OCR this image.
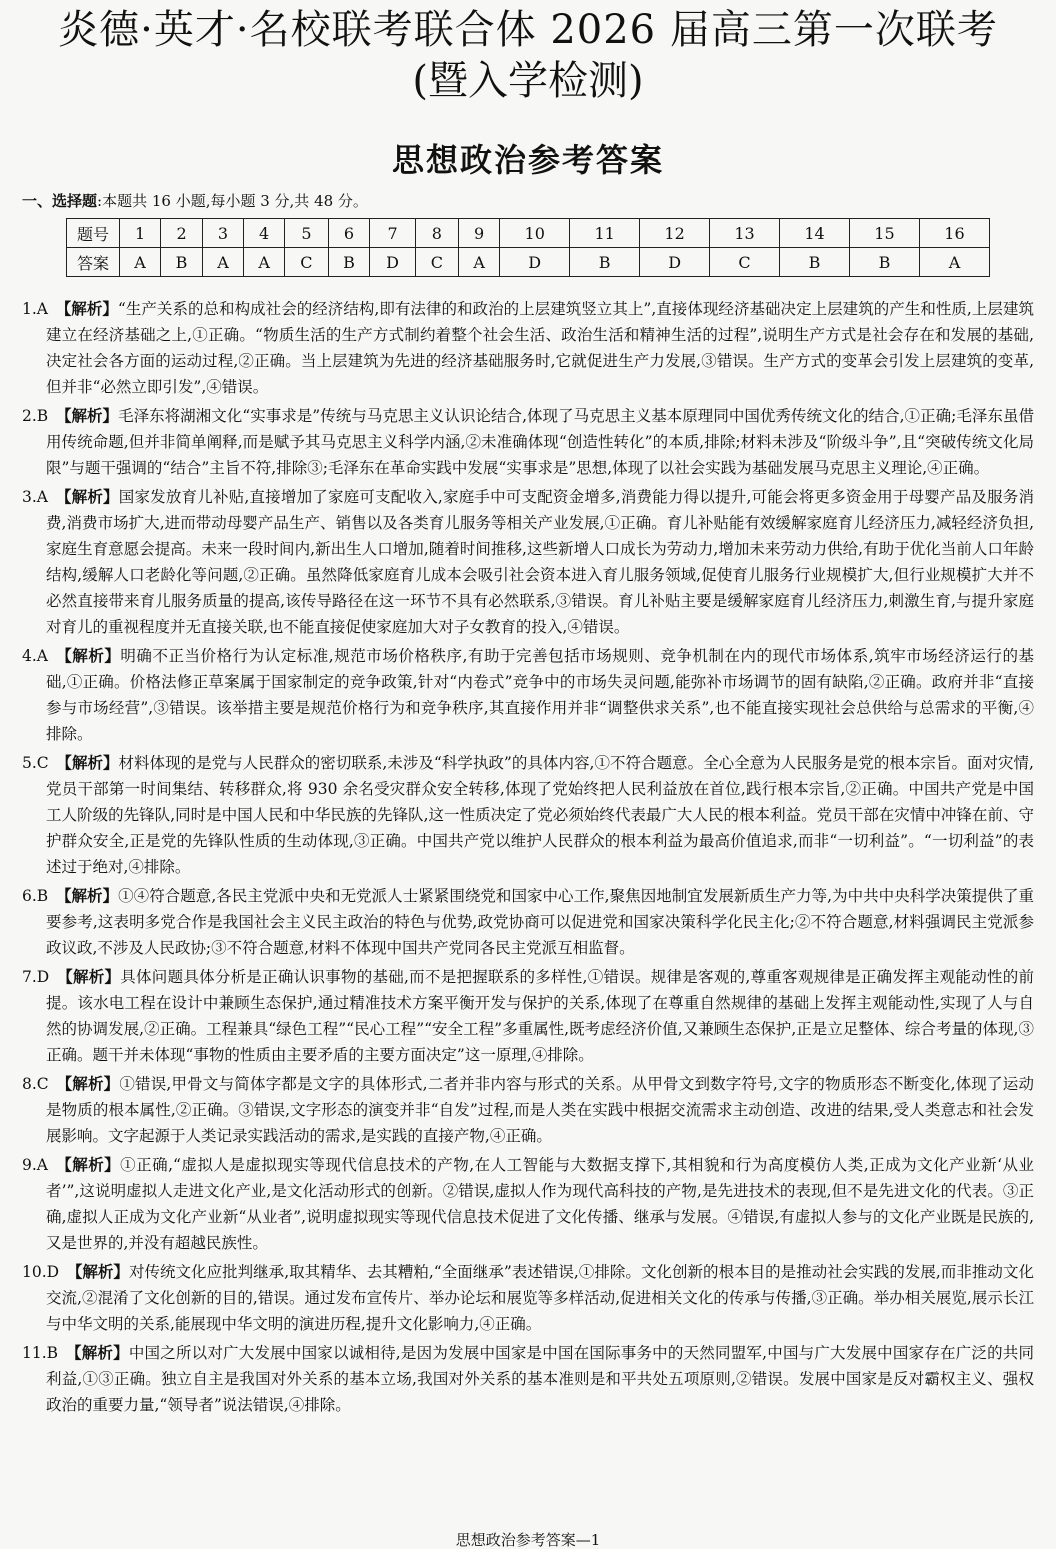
炎德·英才·名校联考联合体 2026 届高三第一次联考
(暨入学检测)
思想政治参考答案
一、选择题:本题共 16 小题,每小题 3 分,共 48 分。
题号	1	2	3	4	5	6	7	8	9	10	11	12	13	14	15	16
答案	A	B	A	A	C	B	D	C	A	D	B	D	C	B	B	A
1.A  【解析】“生产关系的总和构成社会的经济结构,即有法律的和政治的上层建筑竖立其上”,直接体现经济基础决定上层建筑的产生和性质,上层建筑建立在经济基础之上,①正确。“物质生活的生产方式制约着整个社会生活、政治生活和精神生活的过程”,说明生产方式是社会存在和发展的基础,决定社会各方面的运动过程,②正确。当上层建筑为先进的经济基础服务时,它就促进生产力发展,③错误。生产方式的变革会引发上层建筑的变革,但并非“必然立即引发”,④错误。
2.B  【解析】毛泽东将湖湘文化“实事求是”传统与马克思主义认识论结合,体现了马克思主义基本原理同中国优秀传统文化的结合,①正确;毛泽东虽借用传统命题,但并非简单阐释,而是赋予其马克思主义科学内涵,②未准确体现“创造性转化”的本质,排除;材料未涉及“阶级斗争”,且“突破传统文化局限”与题干强调的“结合”主旨不符,排除③;毛泽东在革命实践中发展“实事求是”思想,体现了以社会实践为基础发展马克思主义理论,④正确。
3.A  【解析】国家发放育儿补贴,直接增加了家庭可支配收入,家庭手中可支配资金增多,消费能力得以提升,可能会将更多资金用于母婴产品及服务消费,消费市场扩大,进而带动母婴产品生产、销售以及各类育儿服务等相关产业发展,①正确。育儿补贴能有效缓解家庭育儿经济压力,减轻经济负担,家庭生育意愿会提高。未来一段时间内,新出生人口增加,随着时间推移,这些新增人口成长为劳动力,增加未来劳动力供给,有助于优化当前人口年龄结构,缓解人口老龄化等问题,②正确。虽然降低家庭育儿成本会吸引社会资本进入育儿服务领域,促使育儿服务行业规模扩大,但行业规模扩大并不必然直接带来育儿服务质量的提高,该传导路径在这一环节不具有必然联系,③错误。育儿补贴主要是缓解家庭育儿经济压力,刺激生育,与提升家庭对育儿的重视程度并无直接关联,也不能直接促使家庭加大对子女教育的投入,④错误。
4.A  【解析】明确不正当价格行为认定标准,规范市场价格秩序,有助于完善包括市场规则、竞争机制在内的现代市场体系,筑牢市场经济运行的基础,①正确。价格法修正草案属于国家制定的竞争政策,针对“内卷式”竞争中的市场失灵问题,能弥补市场调节的固有缺陷,②正确。政府并非“直接参与市场经营”,③错误。该举措主要是规范价格行为和竞争秩序,其直接作用并非“调整供求关系”,也不能直接实现社会总供给与总需求的平衡,④排除。
5.C  【解析】材料体现的是党与人民群众的密切联系,未涉及“科学执政”的具体内容,①不符合题意。全心全意为人民服务是党的根本宗旨。面对灾情,党员干部第一时间集结、转移群众,将 930 余名受灾群众安全转移,体现了党始终把人民利益放在首位,践行根本宗旨,②正确。中国共产党是中国工人阶级的先锋队,同时是中国人民和中华民族的先锋队,这一性质决定了党必须始终代表最广大人民的根本利益。党员干部在灾情中冲锋在前、守护群众安全,正是党的先锋队性质的生动体现,③正确。中国共产党以维护人民群众的根本利益为最高价值追求,而非“一切利益”。“一切利益”的表述过于绝对,④排除。
6.B  【解析】①④符合题意,各民主党派中央和无党派人士紧紧围绕党和国家中心工作,聚焦因地制宜发展新质生产力等,为中共中央科学决策提供了重要参考,这表明多党合作是我国社会主义民主政治的特色与优势,政党协商可以促进党和国家决策科学化民主化;②不符合题意,材料强调民主党派参政议政,不涉及人民政协;③不符合题意,材料不体现中国共产党同各民主党派互相监督。
7.D  【解析】具体问题具体分析是正确认识事物的基础,而不是把握联系的多样性,①错误。规律是客观的,尊重客观规律是正确发挥主观能动性的前提。该水电工程在设计中兼顾生态保护,通过精准技术方案平衡开发与保护的关系,体现了在尊重自然规律的基础上发挥主观能动性,实现了人与自然的协调发展,②正确。工程兼具“绿色工程”“民心工程”“安全工程”多重属性,既考虑经济价值,又兼顾生态保护,正是立足整体、综合考量的体现,③正确。题干并未体现“事物的性质由主要矛盾的主要方面决定”这一原理,④排除。
8.C  【解析】①错误,甲骨文与简体字都是文字的具体形式,二者并非内容与形式的关系。从甲骨文到数字符号,文字的物质形态不断变化,体现了运动是物质的根本属性,②正确。③错误,文字形态的演变并非“自发”过程,而是人类在实践中根据交流需求主动创造、改进的结果,受人类意志和社会发展影响。文字起源于人类记录实践活动的需求,是实践的直接产物,④正确。
9.A  【解析】①正确,“虚拟人是虚拟现实等现代信息技术的产物,在人工智能与大数据支撑下,其相貌和行为高度模仿人类,正成为文化产业新‘从业者’”,这说明虚拟人走进文化产业,是文化活动形式的创新。②错误,虚拟人作为现代高科技的产物,是先进技术的表现,但不是先进文化的代表。③正确,虚拟人正成为文化产业新“从业者”,说明虚拟现实等现代信息技术促进了文化传播、继承与发展。④错误,有虚拟人参与的文化产业既是民族的,又是世界的,并没有超越民族性。
10.D  【解析】对传统文化应批判继承,取其精华、去其糟粕,“全面继承”表述错误,①排除。文化创新的根本目的是推动社会实践的发展,而非推动文化交流,②混淆了文化创新的目的,错误。通过发布宣传片、举办论坛和展览等多样活动,促进相关文化的传承与传播,③正确。举办相关展览,展示长江与中华文明的关系,能展现中华文明的演进历程,提升文化影响力,④正确。
11.B  【解析】中国之所以对广大发展中国家以诚相待,是因为发展中国家是中国在国际事务中的天然同盟军,中国与广大发展中国家存在广泛的共同利益,①③正确。独立自主是我国对外关系的基本立场,我国对外关系的基本准则是和平共处五项原则,②错误。发展中国家是反对霸权主义、强权政治的重要力量,“领导者”说法错误,④排除。
思想政治参考答案—1
